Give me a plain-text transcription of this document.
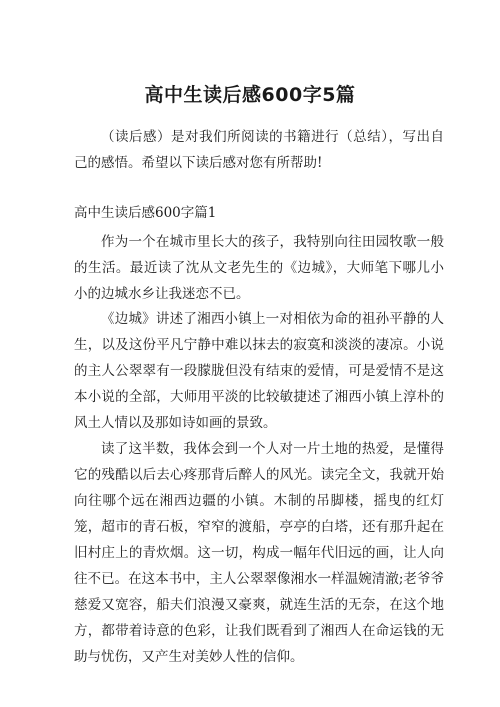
高中生读后感600字5篇

（读后感）是对我们所阅读的书籍进行（总结），写出自己的感悟。希望以下读后感对您有所帮助!

高中生读后感600字篇1

作为一个在城市里长大的孩子，我特别向往田园牧歌一般的生活。最近读了沈从文老先生的《边城》，大师笔下哪儿小小的边城水乡让我迷恋不已。

《边城》讲述了湘西小镇上一对相依为命的祖孙平静的人生，以及这份平凡宁静中难以抹去的寂寞和淡淡的凄凉。小说的主人公翠翠有一段朦胧但没有结束的爱情，可是爱情不是这本小说的全部，大师用平淡的比较敏捷述了湘西小镇上淳朴的风土人情以及那如诗如画的景致。

读了这半数，我体会到一个人对一片土地的热爱，是懂得它的残酷以后去心疼那背后醉人的风光。读完全文，我就开始向往哪个远在湘西边疆的小镇。木制的吊脚楼，摇曳的红灯笼，超市的青石板，窄窄的渡船，亭亭的白塔，还有那升起在旧村庄上的青炊烟。这一切，构成一幅年代旧远的画，让人向往不已。在这本书中，主人公翠翠像湘水一样温婉清澈;老爷爷慈爱又宽容，船夫们浪漫又豪爽，就连生活的无奈，在这个地方，都带着诗意的色彩，让我们既看到了湘西人在命运钱的无助与忧伤，又产生对美妙人性的信仰。
